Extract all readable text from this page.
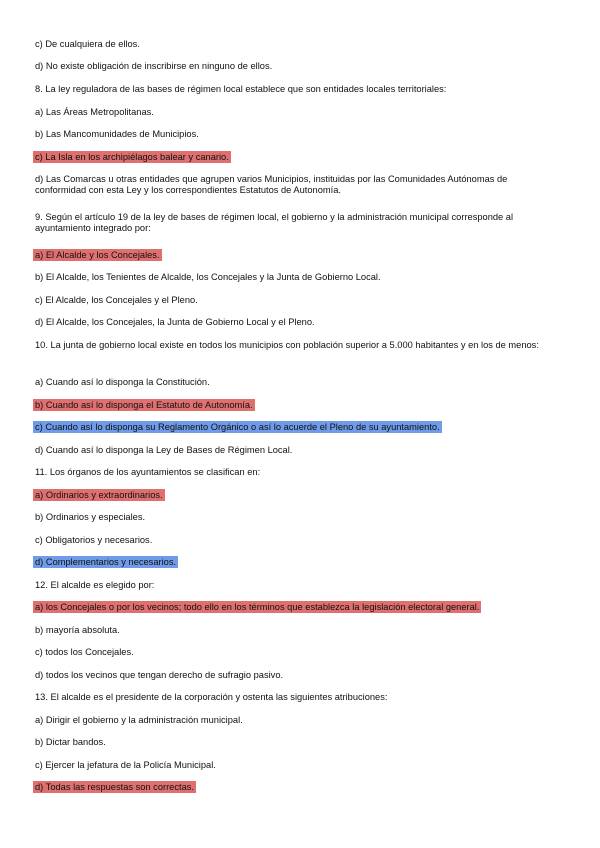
c) De cualquiera de ellos.
d) No existe obligación de inscribirse en ninguno de ellos.
8. La ley reguladora de las bases de régimen local establece que son entidades locales territoriales:
a) Las Áreas Metropolitanas.
b) Las Mancomunidades de Municipios.
c) La Isla en los archipiélagos balear y canario.
d) Las Comarcas u otras entidades que agrupen varios Municipios, instituidas por las Comunidades Autónomas de conformidad con esta Ley y los correspondientes Estatutos de Autonomía.
9. Según el artículo 19 de la ley de bases de régimen local, el gobierno y la administración municipal corresponde al ayuntamiento integrado por:
a) El Alcalde y los Concejales.
b) El Alcalde, los Tenientes de Alcalde, los Concejales y la Junta de Gobierno Local.
c) El Alcalde, los Concejales y el Pleno.
d) El Alcalde, los Concejales, la Junta de Gobierno Local y el Pleno.
10. La junta de gobierno local existe en todos los municipios con población superior a 5.000 habitantes y en los de menos:
a) Cuando así lo disponga la Constitución.
b) Cuando así lo disponga el Estatuto de Autonomía.
c) Cuando así lo disponga su Reglamento Orgánico o así lo acuerde el Pleno de su ayuntamiento.
d) Cuando así lo disponga la Ley de Bases de Régimen Local.
11. Los órganos de los ayuntamientos se clasifican en:
a) Ordinarios y extraordinarios.
b) Ordinarios y especiales.
c) Obligatorios y necesarios.
d) Complementarios y necesarios.
12. El alcalde es elegido por:
a) los Concejales o por los vecinos; todo ello en los términos que establezca la legislación electoral general.
b) mayoría absoluta.
c) todos los Concejales.
d) todos los vecinos que tengan derecho de sufragio pasivo.
13. El alcalde es el presidente de la corporación y ostenta las siguientes atribuciones:
a) Dirigir el gobierno y la administración municipal.
b) Dictar bandos.
c) Ejercer la jefatura de la Policía Municipal.
d) Todas las respuestas son correctas.
